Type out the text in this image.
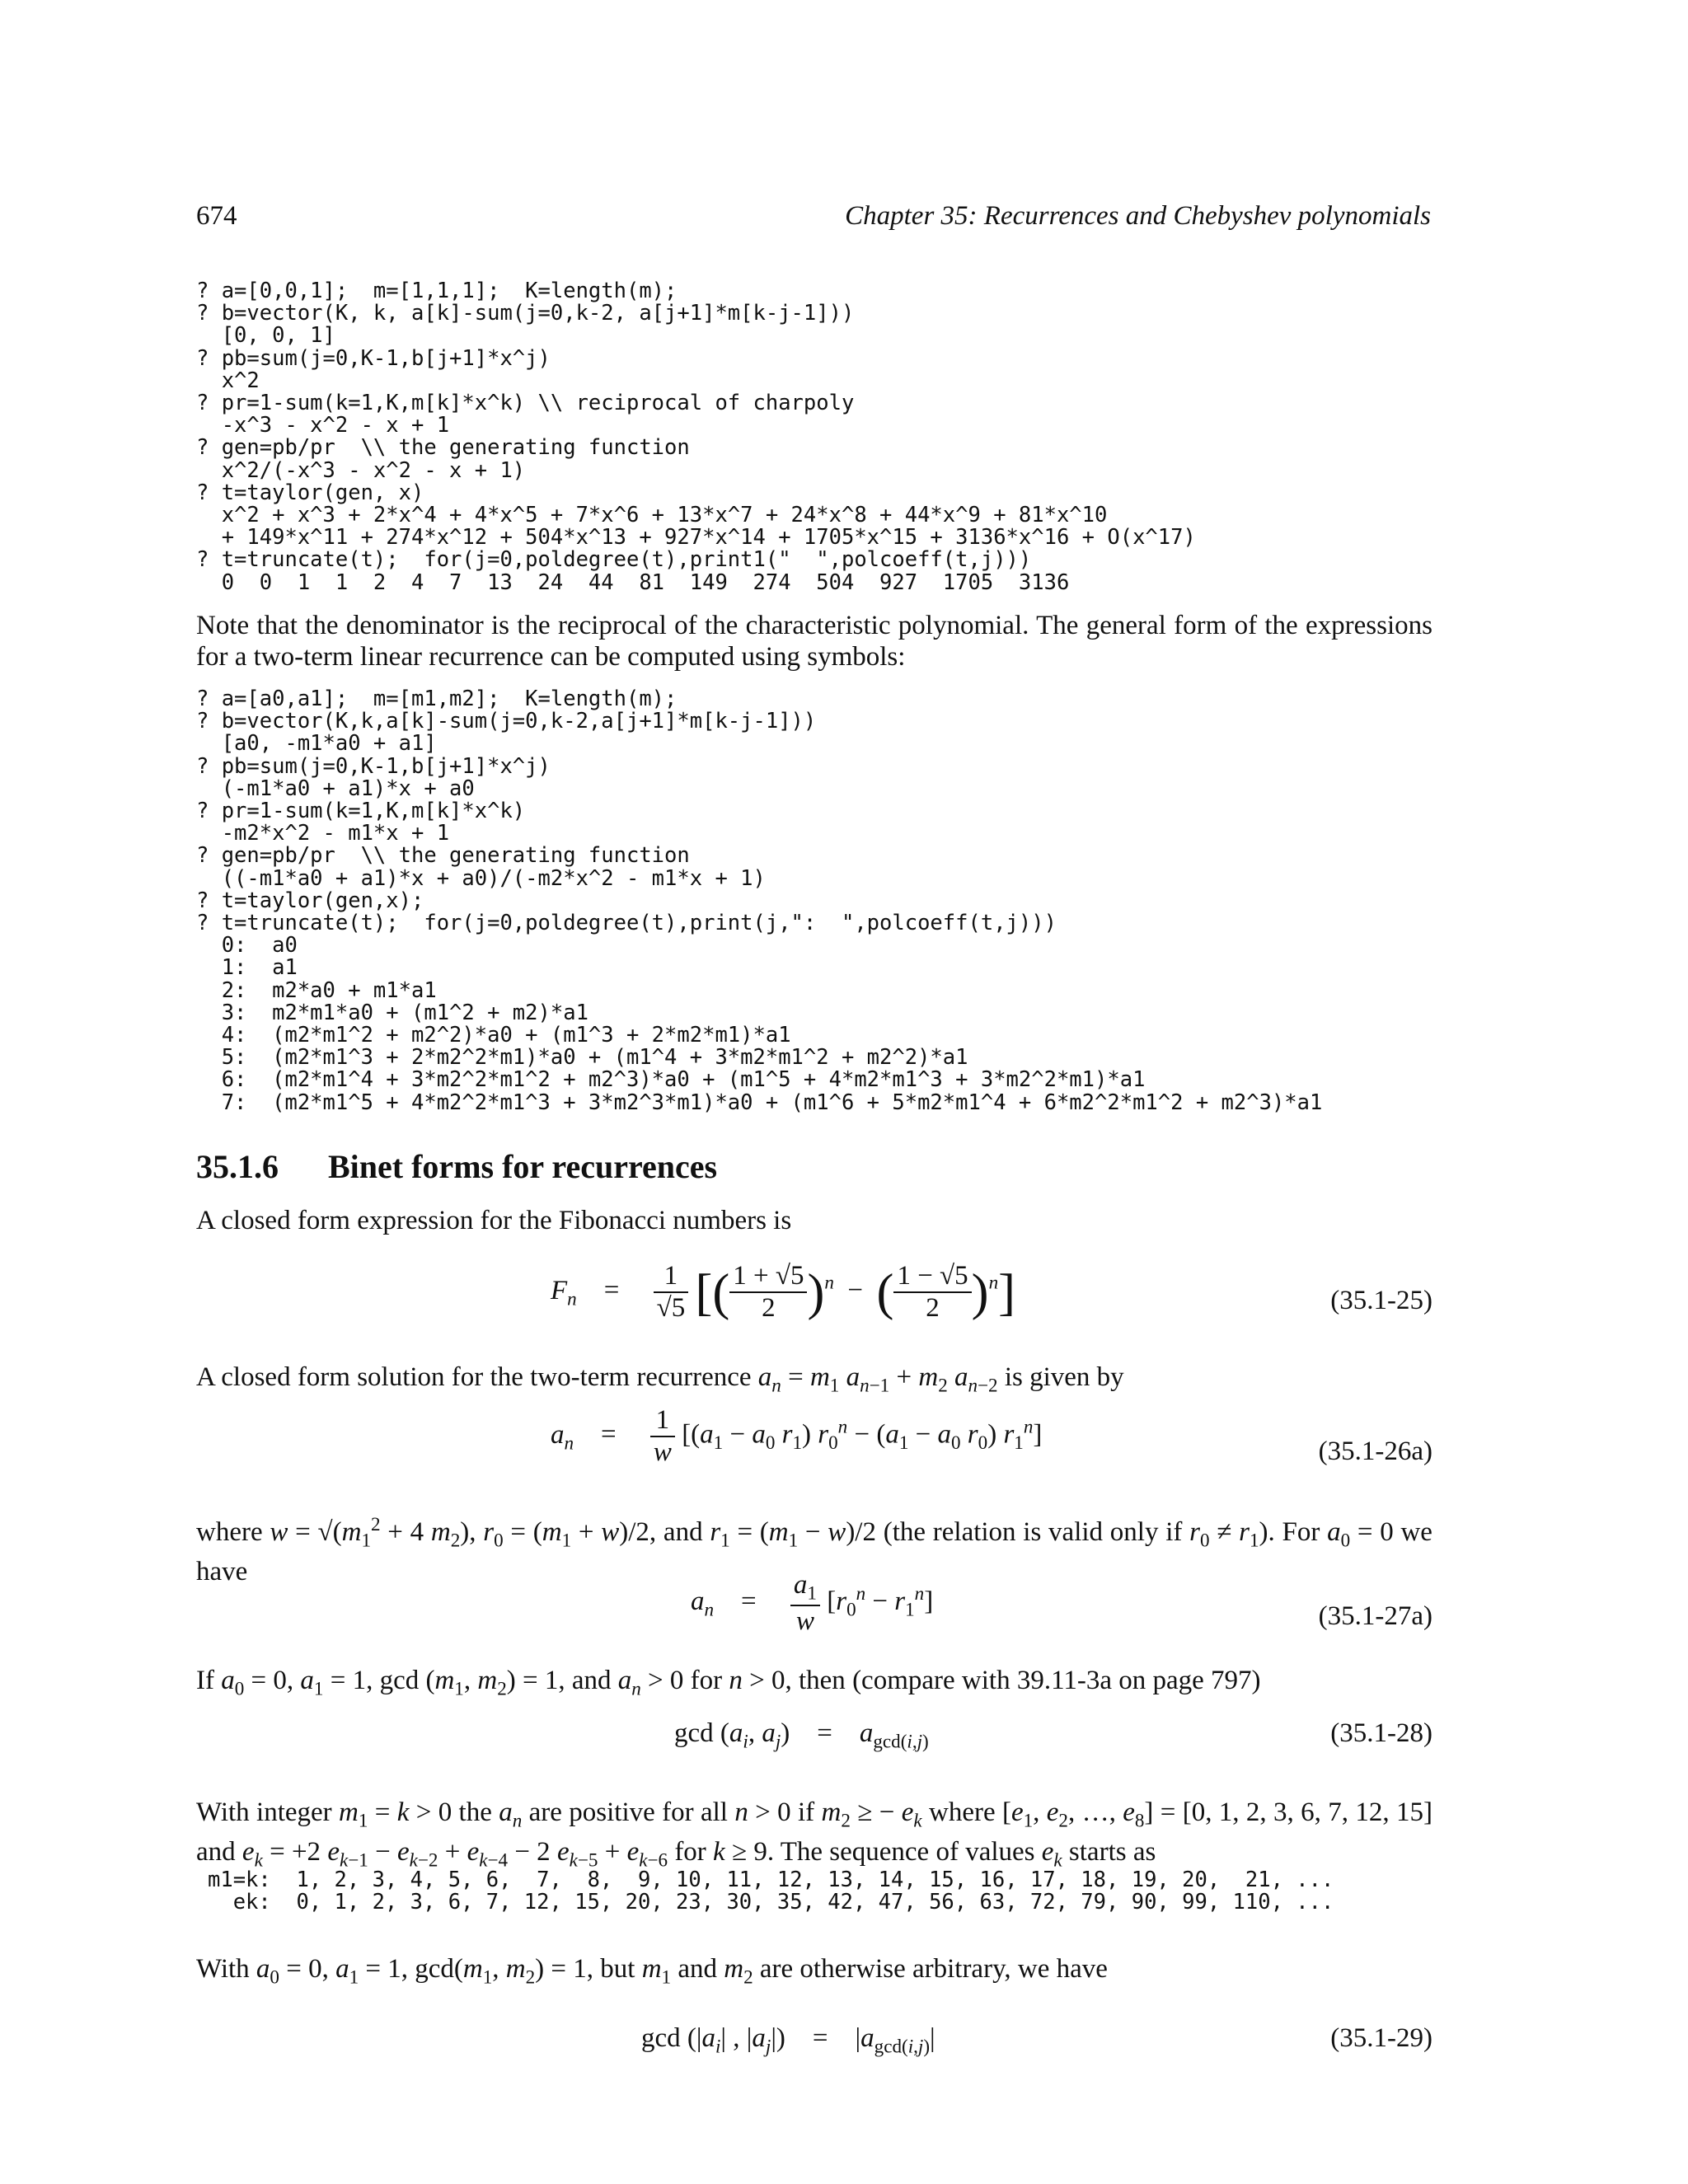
674	Chapter 35: Recurrences and Chebyshev polynomials
? a=[0,0,1];  m=[1,1,1];  K=length(m);
? b=vector(K, k, a[k]-sum(j=0,k-2, a[j+1]*m[k-j-1]))
[0, 0, 1]
? pb=sum(j=0,K-1,b[j+1]*x^j)
x^2
? pr=1-sum(k=1,K,m[k]*x^k) \\ reciprocal of charpoly
-x^3 - x^2 - x + 1
? gen=pb/pr  \\ the generating function
x^2/(-x^3 - x^2 - x + 1)
? t=taylor(gen, x)
x^2 + x^3 + 2*x^4 + 4*x^5 + 7*x^6 + 13*x^7 + 24*x^8 + 44*x^9 + 81*x^10
+ 149*x^11 + 274*x^12 + 504*x^13 + 927*x^14 + 1705*x^15 + 3136*x^16 + O(x^17)
? t=truncate(t);  for(j=0,poldegree(t),print1("  ",polcoeff(t,j)))
0  0  1  1  2  4  7  13  24  44  81  149  274  504  927  1705  3136

Note that the denominator is the reciprocal of the characteristic polynomial. The general form of the expressions for a two-term linear recurrence can be computed using symbols:

? a=[a0,a1];  m=[m1,m2];  K=length(m);
? b=vector(K,k,a[k]-sum(j=0,k-2,a[j+1]*m[k-j-1]))
[a0, -m1*a0 + a1]
? pb=sum(j=0,K-1,b[j+1]*x^j)
(-m1*a0 + a1)*x + a0
? pr=1-sum(k=1,K,m[k]*x^k)
-m2*x^2 - m1*x + 1
? gen=pb/pr  \\ the generating function
((-m1*a0 + a1)*x + a0)/(-m2*x^2 - m1*x + 1)
? t=taylor(gen,x);
? t=truncate(t);  for(j=0,poldegree(t),print(j,":  ",polcoeff(t,j)))
0:  a0
1:  a1
2:  m2*a0 + m1*a1
3:  m2*m1*a0 + (m1^2 + m2)*a1
4:  (m2*m1^2 + m2^2)*a0 + (m1^3 + 2*m2*m1)*a1
5:  (m2*m1^3 + 2*m2^2*m1)*a0 + (m1^4 + 3*m2*m1^2 + m2^2)*a1
6:  (m2*m1^4 + 3*m2^2*m1^2 + m2^3)*a0 + (m1^5 + 4*m2*m1^3 + 3*m2^2*m1)*a1
7:  (m2*m1^5 + 4*m2^2*m1^3 + 3*m2^3*m1)*a0 + (m1^6 + 5*m2*m1^4 + 6*m2^2*m1^2 + m2^3)*a1
35.1.6 Binet forms for recurrences

A closed form expression for the Fibonacci numbers is

$F_n$    = $\frac{1}{√5}$ [( $\frac{1 + √5}{2} )^n$  −  ( $\frac{1 - √5}{2} )^n$]	(35.1-25)

A closed form solution for the two-term recurrence $a_n = m_1$ $a_{n-1} + m_2$ $a_{n-2}$ is given by

$a_n$    = $\frac{1}{w} [(a_1 - a_0$ $r_1$) $r_0^n - (a_1 - a_0$ $r_0$) $r_1^n$]
(35.1-26a)

where $w = √(m_1^2 + 4$ $m_2$), $r_0 = (m_1 + w)/2$, and $r_1 = (m_1 - w)/2$ (the relation is valid only if $r_0 \ne r_1$). For $a_0 = 0$ we have

$a_n$    = $\frac{a_1}{w} [r_0^n - r_1^n]$
(35.1-27a)

If $a_0 = 0$, $a_1 = 1$, $\gcd (m_1$, $m_2) = 1$, and $a_n > 0$ for n > 0, then (compare with 39.11-3a on page 797)

$\gcd (a_i$, $a_j$)    =    $a_{gcd(i,j)}$	(35.1-28)

With integer $m_1 = k > 0$ the $a_n$ are positive for all n > 0 if $m_2$ ≥ − $e_k$ where [$e_1$, $e_2$, …, $e_8] = [0$, 1, 2, 3, 6, 7, 12, 15] and $e_k = +2$ $e_{k-1} - e_{k-2} + e_{k-4} - 2$ $e_{k-5} + e_{k-6}$ for k ≥ 9. The sequence of values $e_k$ starts as

m1=k:  1, 2, 3, 4, 5, 6,  7,  8,  9, 10, 11, 12, 13, 14, 15, 16, 17, 18, 19, 20,  21, ...
ek:  0, 1, 2, 3, 6, 7, 12, 15, 20, 23, 30, 35, 42, 47, 56, 63, 72, 79, 90, 99, 110, ...

With $a_0 = 0$, $a_1 = 1$, $\gcd(m_1$, $m_2) = 1$, but $m_1$ and $m_2$ are otherwise arbitrary, we have

$\gcd (|a_i|$ , $|a_j|$)    =    $|a_{gcd(i,j)}|$	(35.1-29)
